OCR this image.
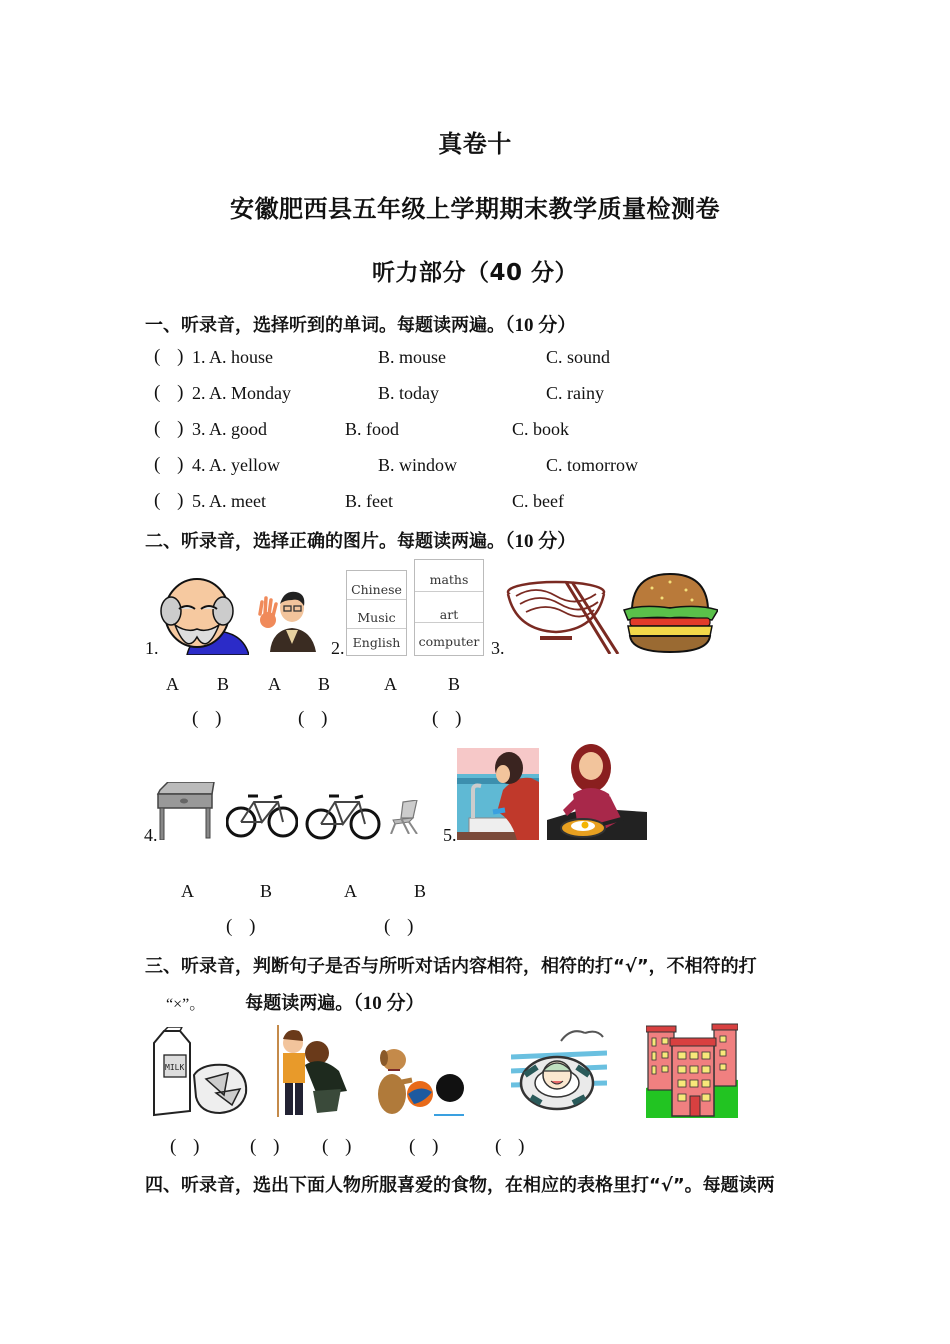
真卷十
安徽肥西县五年级上学期期末教学质量检测卷
听力部分（40 分）
一、听录音，选择听到的单词。每题读两遍。（10 分）
( ) 1. A. house	B. mouse	C. sound
( ) 2. A. Monday	B. today	C. rainy
( ) 3. A. good	B. food	C. book
( ) 4. A. yellow	B. window	C. tomorrow
( ) 5. A. meet	B. feet	C. beef
二、听录音，选择正确的图片。每题读两遍。（10 分）
1.
A B
( )
2.
Chinese
Music
English
maths
art
computer
A B
( )
3.
A	B
( )
4.
A	B
( )
5.
A	B
( )
三、听录音，判断句子是否与所听对话内容相符，相符的打“√”，不相符的打
“×”。 每题读两遍。（10 分）
MILK
( ) ( ) ( )	( )	( )
四、听录音，选出下面人物所服喜爱的食物，在相应的表格里打“√”。每题读两
